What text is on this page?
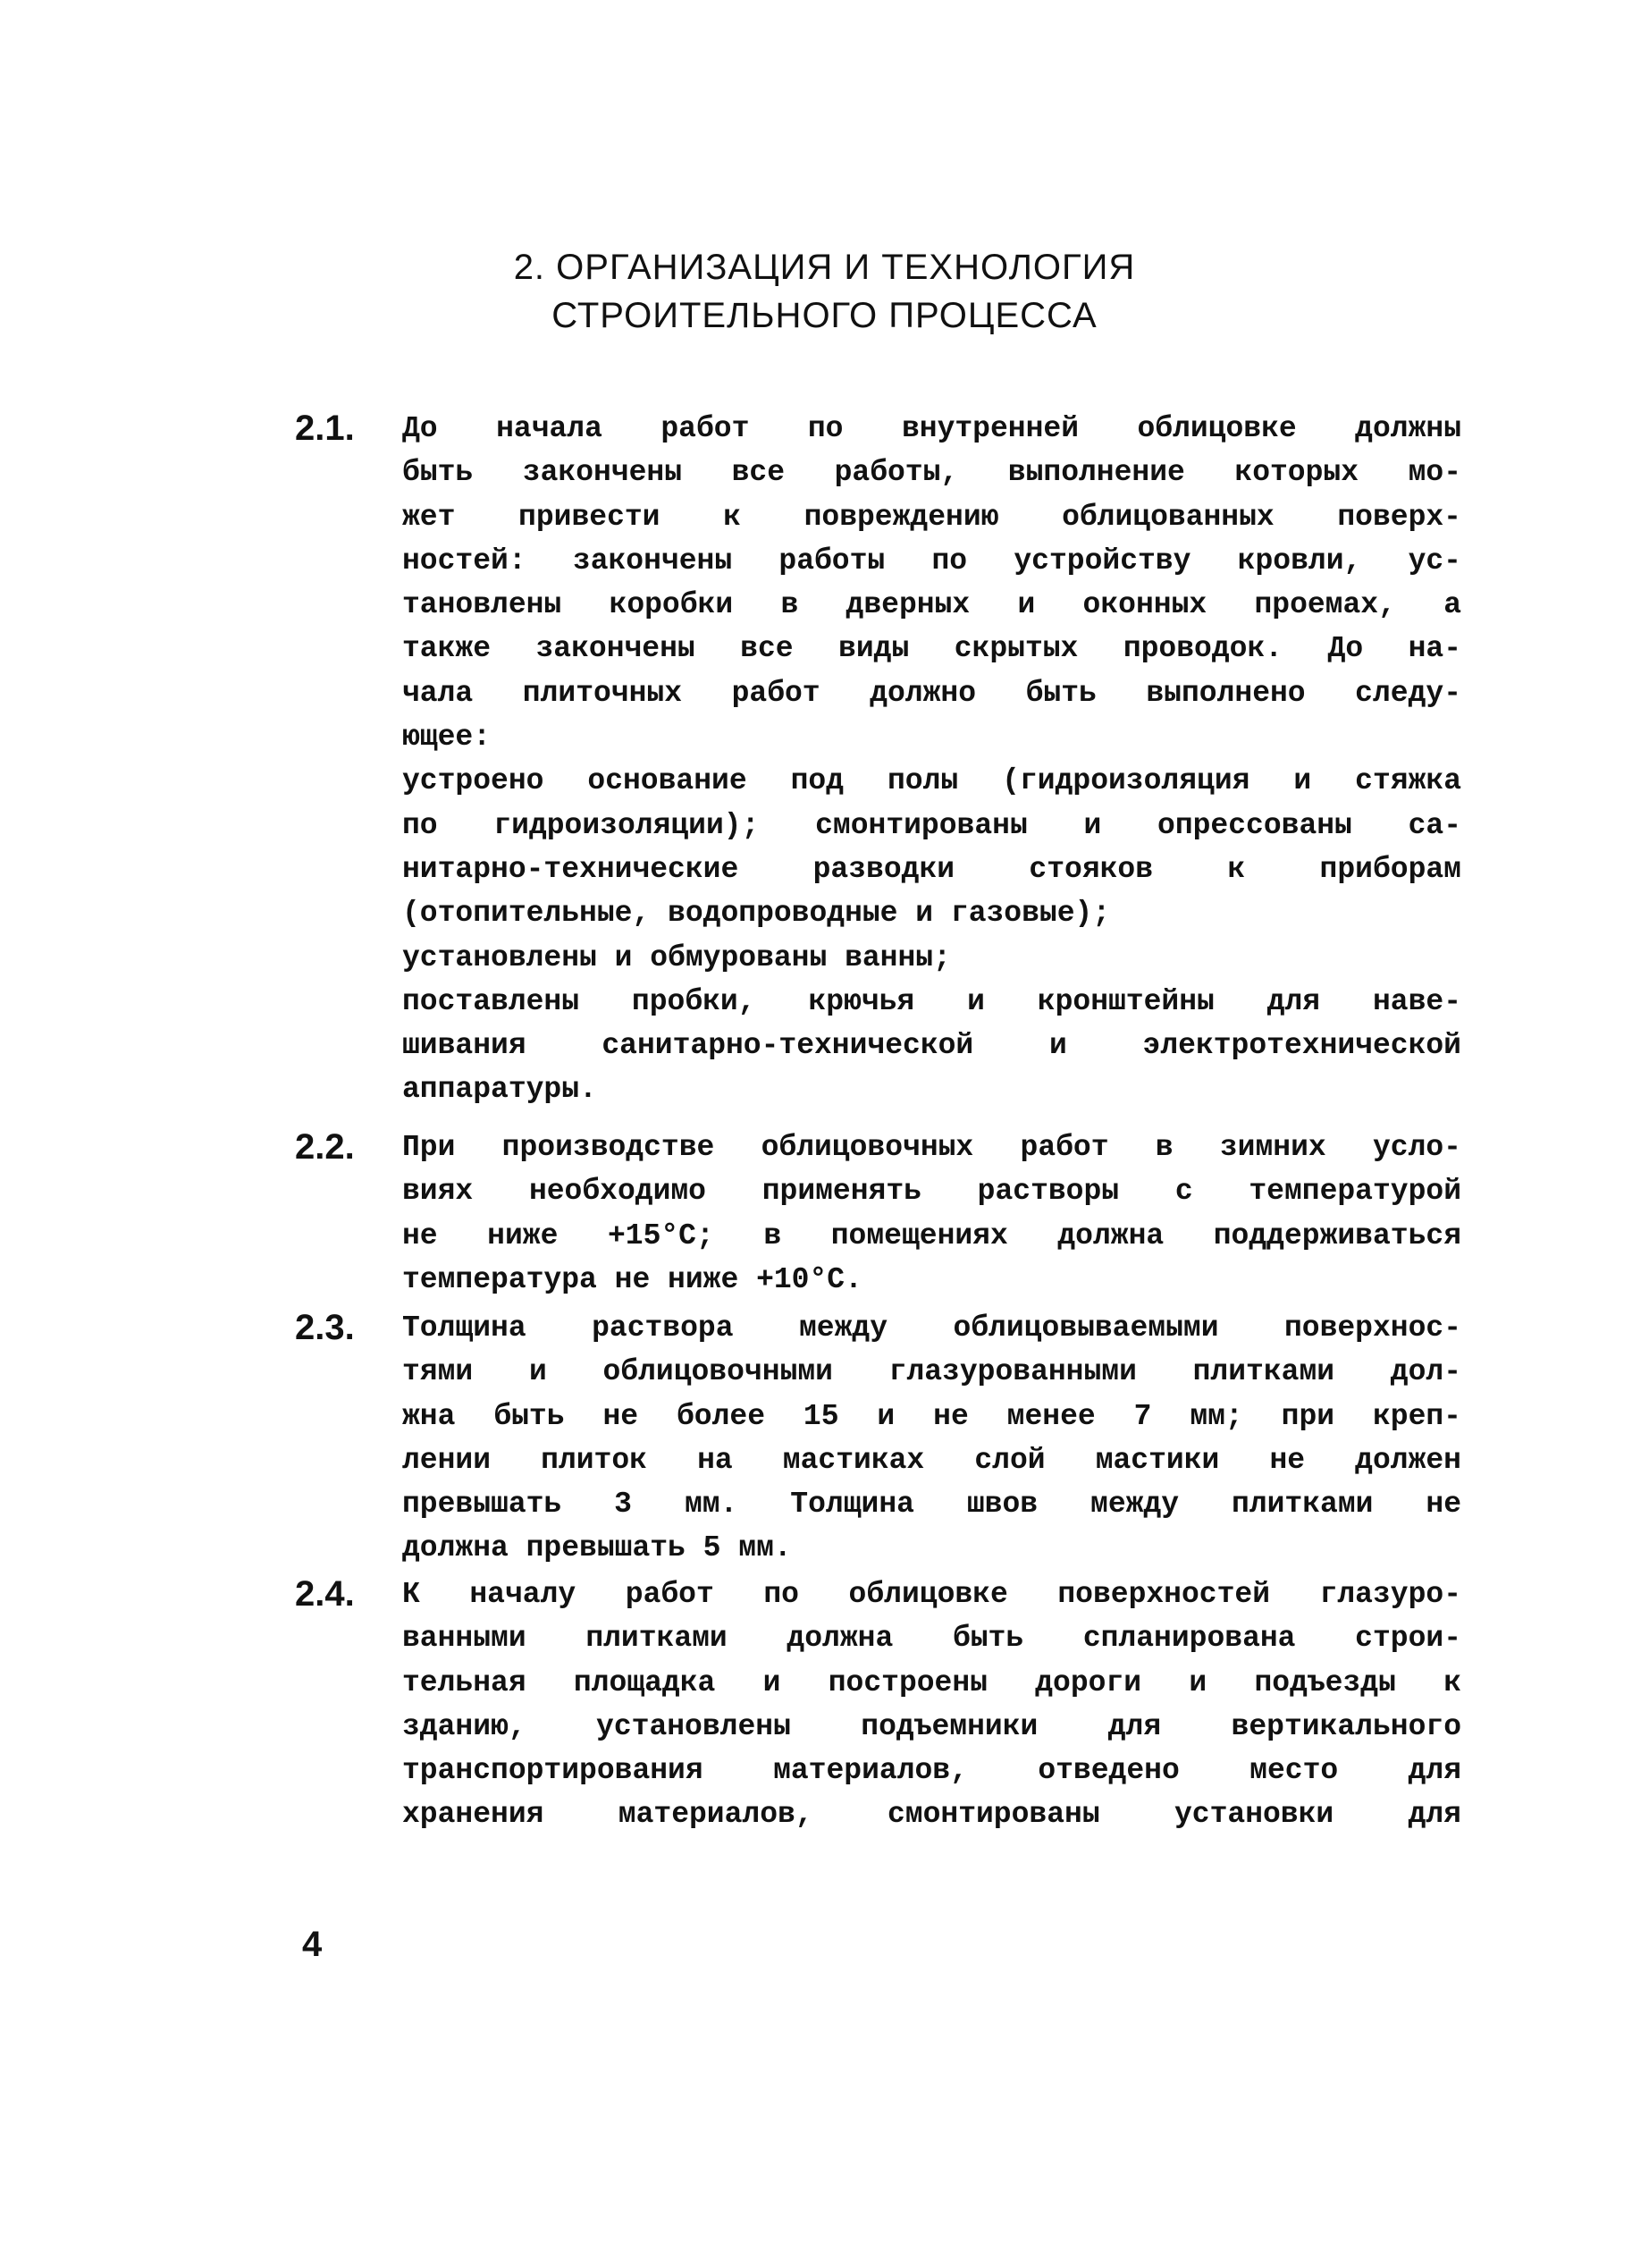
2. ОРГАНИЗАЦИЯ И ТЕХНОЛОГИЯ
СТРОИТЕЛЬНОГО ПРОЦЕССА
2.1. До начала работ по внутренней облицовке должны
быть закончены все работы, выполнение которых мо-
жет привести к повреждению облицованных поверх-
ностей: закончены работы по устройству кровли, ус-
тановлены коробки в дверных и оконных проемах, а
также закончены все виды скрытых проводок. До на-
чала плиточных работ должно быть выполнено следу-
ющее:
устроено основание под полы (гидроизоляция и стяжка
по гидроизоляции); смонтированы и опрессованы са-
нитарно-технические разводки стояков к приборам
(отопительные, водопроводные и газовые);
установлены и обмурованы ванны;
поставлены пробки, крючья и кронштейны для наве-
шивания санитарно-технической и электротехнической
аппаратуры.
2.2. При производстве облицовочных работ в зимних усло-
виях необходимо применять растворы с температурой
не ниже +15°С; в помещениях должна поддерживаться
температура не ниже +10°С.
2.3. Толщина раствора между облицовываемыми поверхнос-
тями и облицовочными глазурованными плитками дол-
жна быть не более 15 и не менее 7 мм; при креп-
лении плиток на мастиках слой мастики не должен
превышать 3 мм. Толщина швов между плитками не
должна превышать 5 мм.
2.4. К началу работ по облицовке поверхностей глазуро-
ванными плитками должна быть спланирована строи-
тельная площадка и построены дороги и подъезды к
зданию, установлены подъемники для вертикального
транспортирования материалов, отведено место для
хранения материалов, смонтированы установки для
4
